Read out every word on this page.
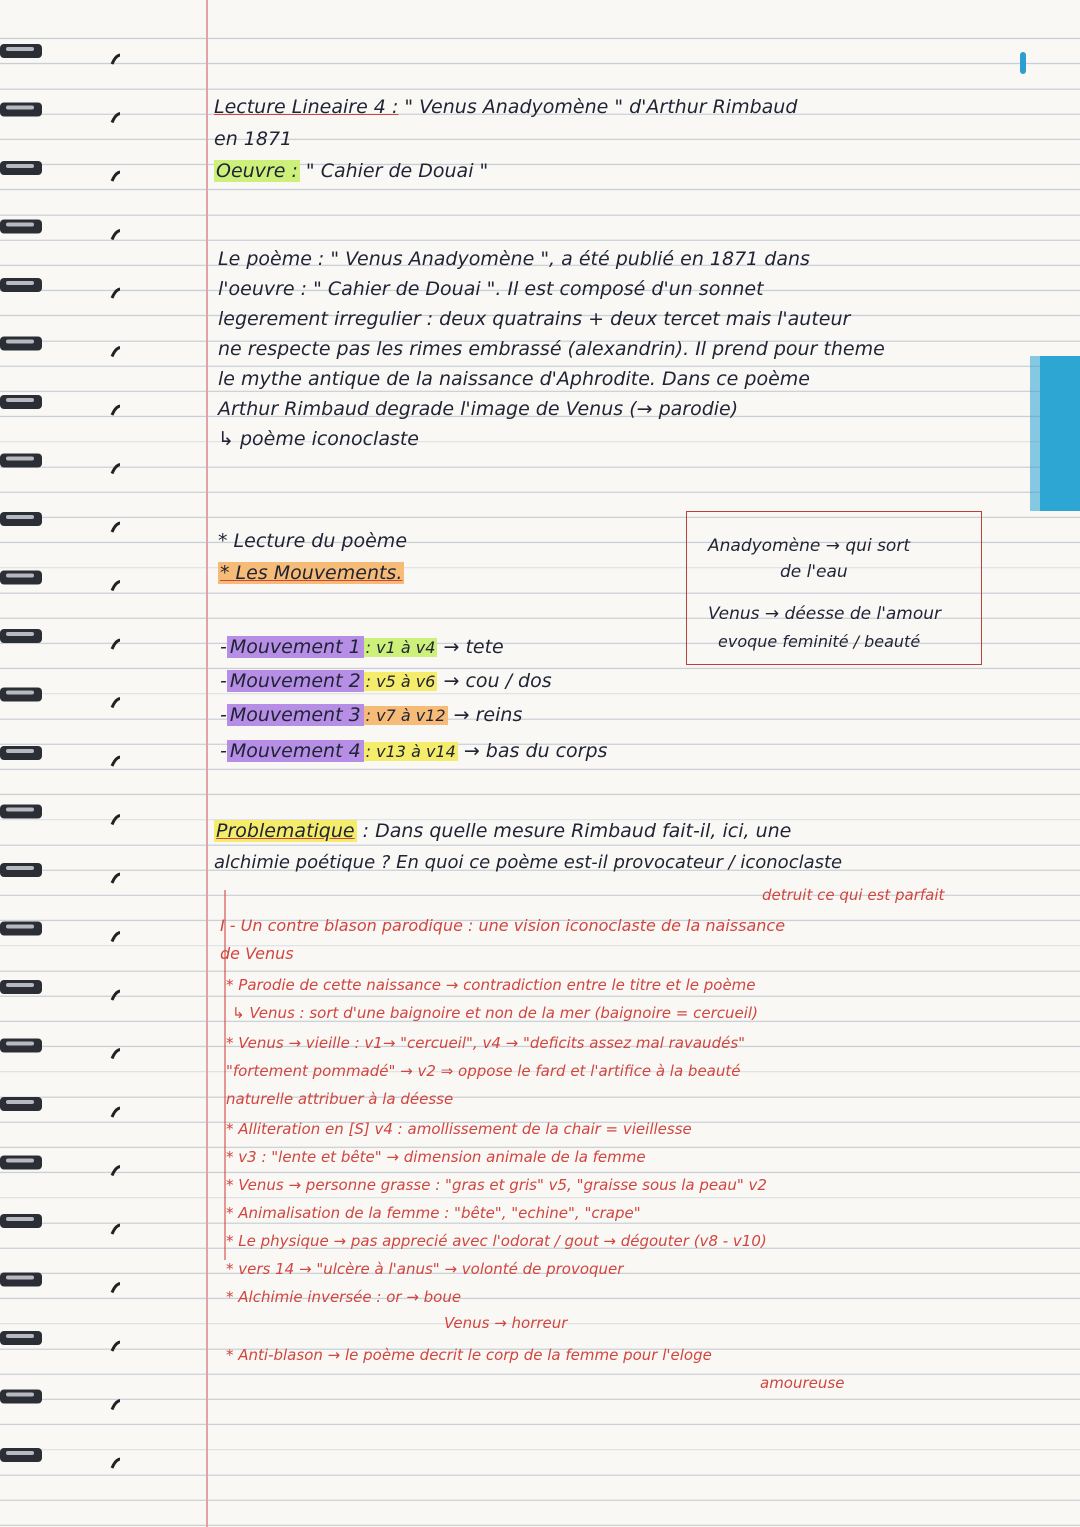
Lecture Lineaire 4 : " Venus Anadyomène " d'Arthur Rimbaud
en 1871
Oeuvre : " Cahier de Douai "
Le poème : " Venus Anadyomène ", a été publié en 1871 dans
l'oeuvre : " Cahier de Douai ". Il est composé d'un sonnet
legerement irregulier : deux quatrains + deux tercet mais l'auteur
ne respecte pas les rimes embrassé (alexandrin). Il prend pour theme
le mythe antique de la naissance d'Aphrodite. Dans ce poème
Arthur Rimbaud degrade l'image de Venus (→ parodie)
↳ poème iconoclaste
* Lecture du poème
* Les Mouvements.
- Mouvement 1 : v1 à v4 → tete
- Mouvement 2 : v5 à v6 → cou / dos
- Mouvement 3 : v7 à v12 → reins
- Mouvement 4 : v13 à v14 → bas du corps
Anadyomène → qui sort
de l'eau
Venus → déesse de l'amour
evoque feminité / beauté
Problematique : Dans quelle mesure Rimbaud fait-il, ici, une
alchimie poétique ? En quoi ce poème est-il provocateur / iconoclaste
detruit ce qui est parfait
I - Un contre blason parodique : une vision iconoclaste de la naissance
de Venus
* Parodie de cette naissance → contradiction entre le titre et le poème
↳ Venus : sort d'une baignoire et non de la mer (baignoire = cercueil)
* Venus → vieille : v1→ "cercueil", v4 → "deficits assez mal ravaudés"
"fortement pommadé" → v2 ⇒ oppose le fard et l'artifice à la beauté
naturelle attribuer à la déesse
* Alliteration en [S] v4 : amollissement de la chair = vieillesse
* v3 : "lente et bête" → dimension animale de la femme
* Venus → personne grasse : "gras et gris" v5, "graisse sous la peau" v2
* Animalisation de la femme : "bête", "echine", "crape"
* Le physique → pas apprecié avec l'odorat / gout → dégouter (v8 - v10)
* vers 14 → "ulcère à l'anus" → volonté de provoquer
* Alchimie inversée : or → boue
Venus → horreur
* Anti-blason → le poème decrit le corp de la femme pour l'eloge
amoureuse
